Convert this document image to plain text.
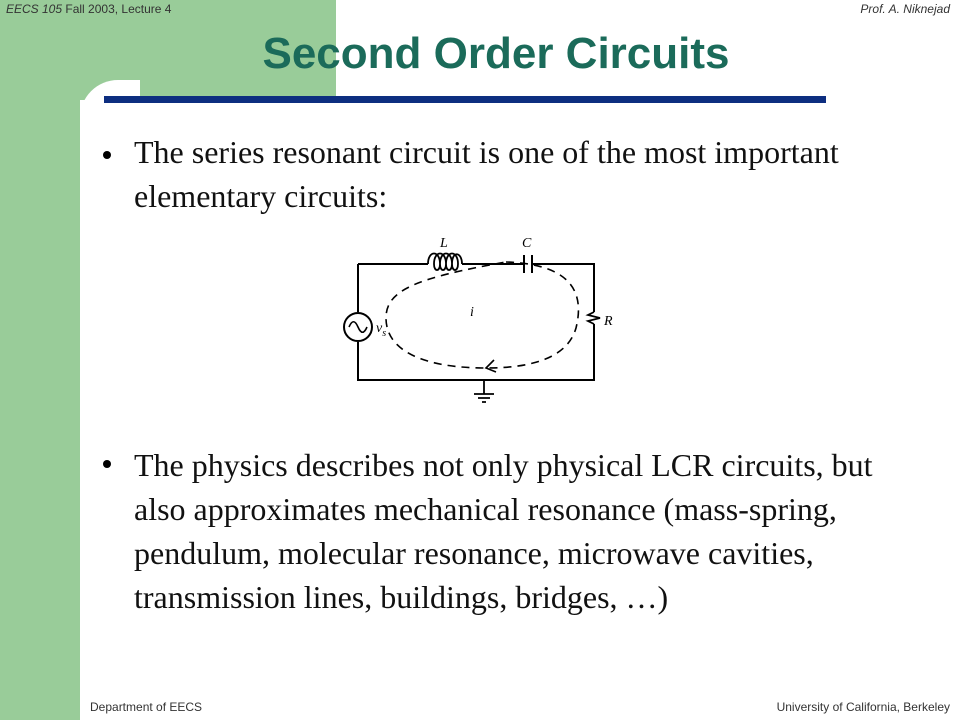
EECS 105 Fall 2003, Lecture 4	Prof. A. Niknejad
Second Order Circuits
The series resonant circuit is one of the most important elementary circuits:
L	C
R
$v_s$
i
The physics describes not only physical LCR circuits, but also approximates mechanical resonance (mass-spring, pendulum, molecular resonance, microwave cavities, transmission lines, buildings, bridges, …)
Department of EECS	University of California, Berkeley
